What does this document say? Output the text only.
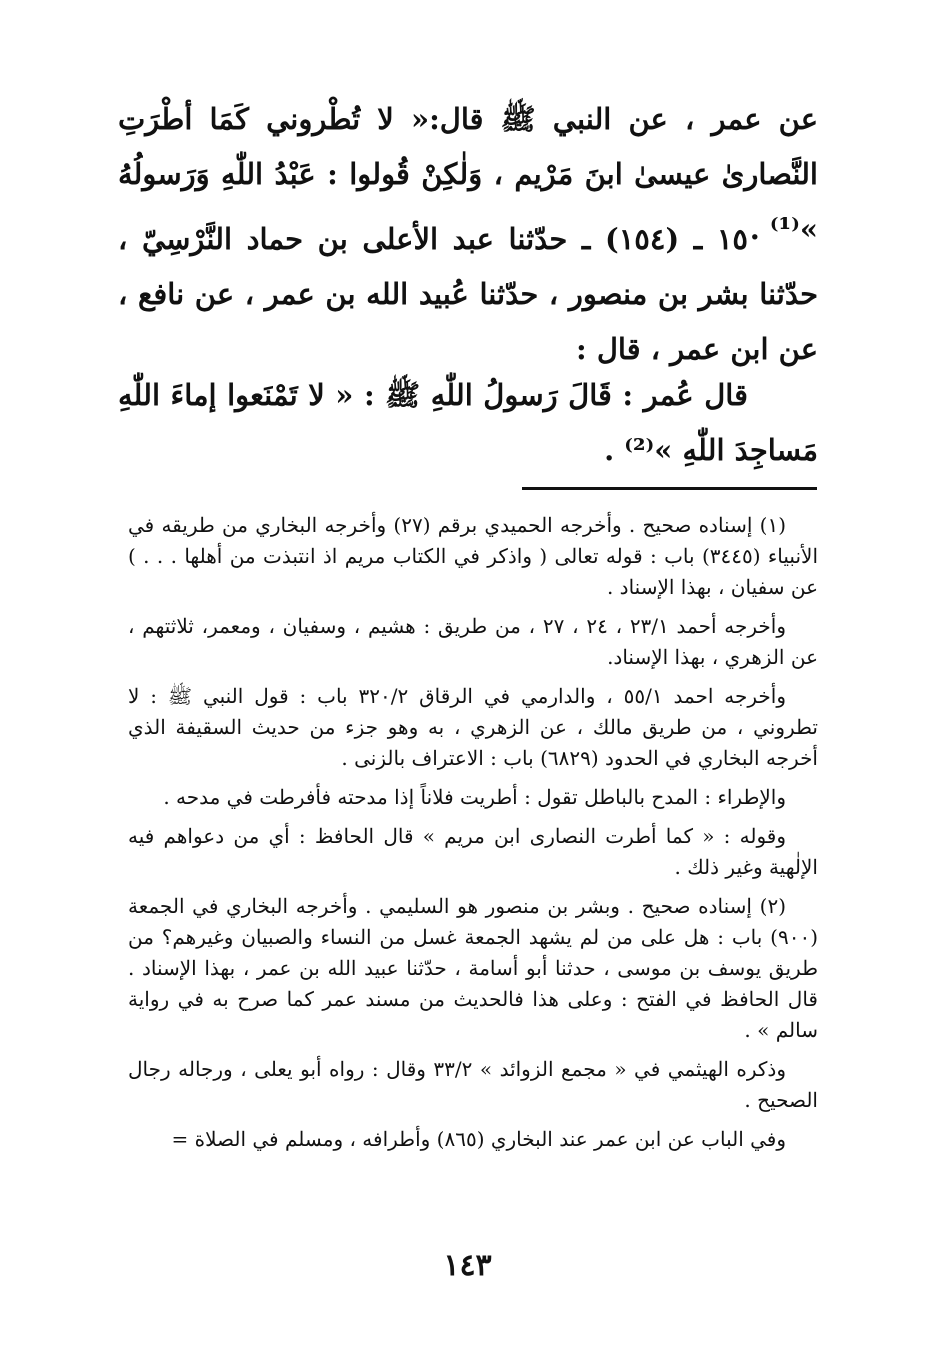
عن عمر ، عن النبي ﷺ قال:« لا تُطْروني كَمَا أطْرَتِ النَّصارىٰ عيسىٰ ابنَ مَرْيم ، وَلٰكِنْ قُولوا : عَبْدُ اللّٰهِ وَرَسولُهُ »⁽¹⁾ .

١٥ ـ (١٥٤) ـ حدّثنا عبد الأعلى بن حماد النَّرْسِيّ ، حدّثنا بشر بن منصور ، حدّثنا عُبيد الله بن عمر ، عن نافع ، عن ابن عمر ، قال :

قال عُمر : قَالَ رَسولُ اللّٰهِ ﷺ : « لا تَمْنَعوا إماءَ اللّٰهِ مَساجِدَ اللّٰهِ »⁽²⁾ .

(١) إسناده صحيح . وأخرجه الحميدي برقم (٢٧) وأخرجه البخاري من طريقه في الأنبياء (٣٤٤٥) باب : قوله تعالى ( واذكر في الكتاب مريم اذ انتبذت من أهلها . . . ) عن سفيان ، بهذا الإسناد .

وأخرجه أحمد ٢٣/١ ، ٢٤ ، ٢٧ ، من طريق : هشيم ، وسفيان ، ومعمر، ثلاثتهم ، عن الزهري ، بهذا الإسناد.

وأخرجه احمد ٥٥/١ ، والدارمي في الرقاق ٣٢٠/٢ باب : قول النبي ﷺ : لا تطروني ، من طريق مالك ، عن الزهري ، به وهو جزء من حديث السقيفة الذي أخرجه البخاري في الحدود (٦٨٢٩) باب : الاعتراف بالزنى .

والإطراء : المدح بالباطل تقول : أطريت فلاناً إذا مدحته فأفرطت في مدحه .

وقوله : « كما أطرت النصارى ابن مريم » قال الحافظ : أي من دعواهم فيه الإلٰهية وغير ذلك .

(٢) إسناده صحيح . وبشر بن منصور هو السليمي . وأخرجه البخاري في الجمعة (٩٠٠) باب : هل على من لم يشهد الجمعة غسل من النساء والصبيان وغيرهم؟ من طريق يوسف بن موسى ، حدثنا أبو أسامة ، حدّثنا عبيد الله بن عمر ، بهذا الإسناد . قال الحافظ في الفتح : وعلى هذا فالحديث من مسند عمر كما صرح به في رواية سالم » .

وذكره الهيثمي في « مجمع الزوائد » ٣٣/٢ وقال : رواه أبو يعلى ، ورجاله رجال الصحيح .

وفي الباب عن ابن عمر عند البخاري (٨٦٥) وأطرافه ، ومسلم في الصلاة =

١٤٣
